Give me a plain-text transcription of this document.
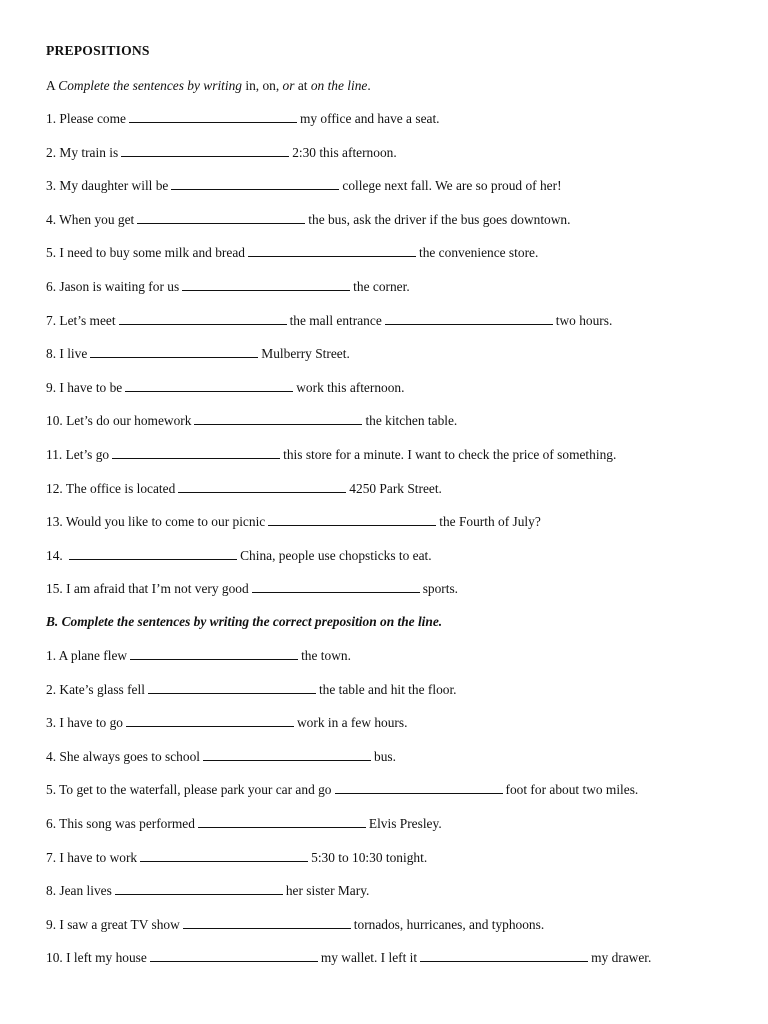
PREPOSITIONS
A Complete the sentences by writing in, on, or at on the line.
1. Please come	my office and have a seat.
2. My train is	2:30 this afternoon.
3. My daughter will be	college next fall. We are so proud of her!
4. When you get	the bus, ask the driver if the bus goes downtown.
5. I need to buy some milk and bread	the convenience store.
6. Jason is waiting for us	the corner.
7. Let’s meet	the mall entrance	two hours.
8. I live	Mulberry Street.
9. I have to be	work this afternoon.
10. Let’s do our homework	the kitchen table.
11. Let’s go	this store for a minute. I want to check the price of something.
12. The office is located	4250 Park Street.
13. Would you like to come to our picnic	the Fourth of July?
14.	China, people use chopsticks to eat.
15. I am afraid that I’m not very good	sports.
B. Complete the sentences by writing the correct preposition on the line.
1. A plane flew	the town.
2. Kate’s glass fell	the table and hit the floor.
3. I have to go	work in a few hours.
4. She always goes to school	bus.
5. To get to the waterfall, please park your car and go	foot for about two miles.
6. This song was performed	Elvis Presley.
7. I have to work	5:30 to 10:30 tonight.
8. Jean lives	her sister Mary.
9. I saw a great TV show	tornados, hurricanes, and typhoons.
10. I left my house	my wallet. I left it	my drawer.
